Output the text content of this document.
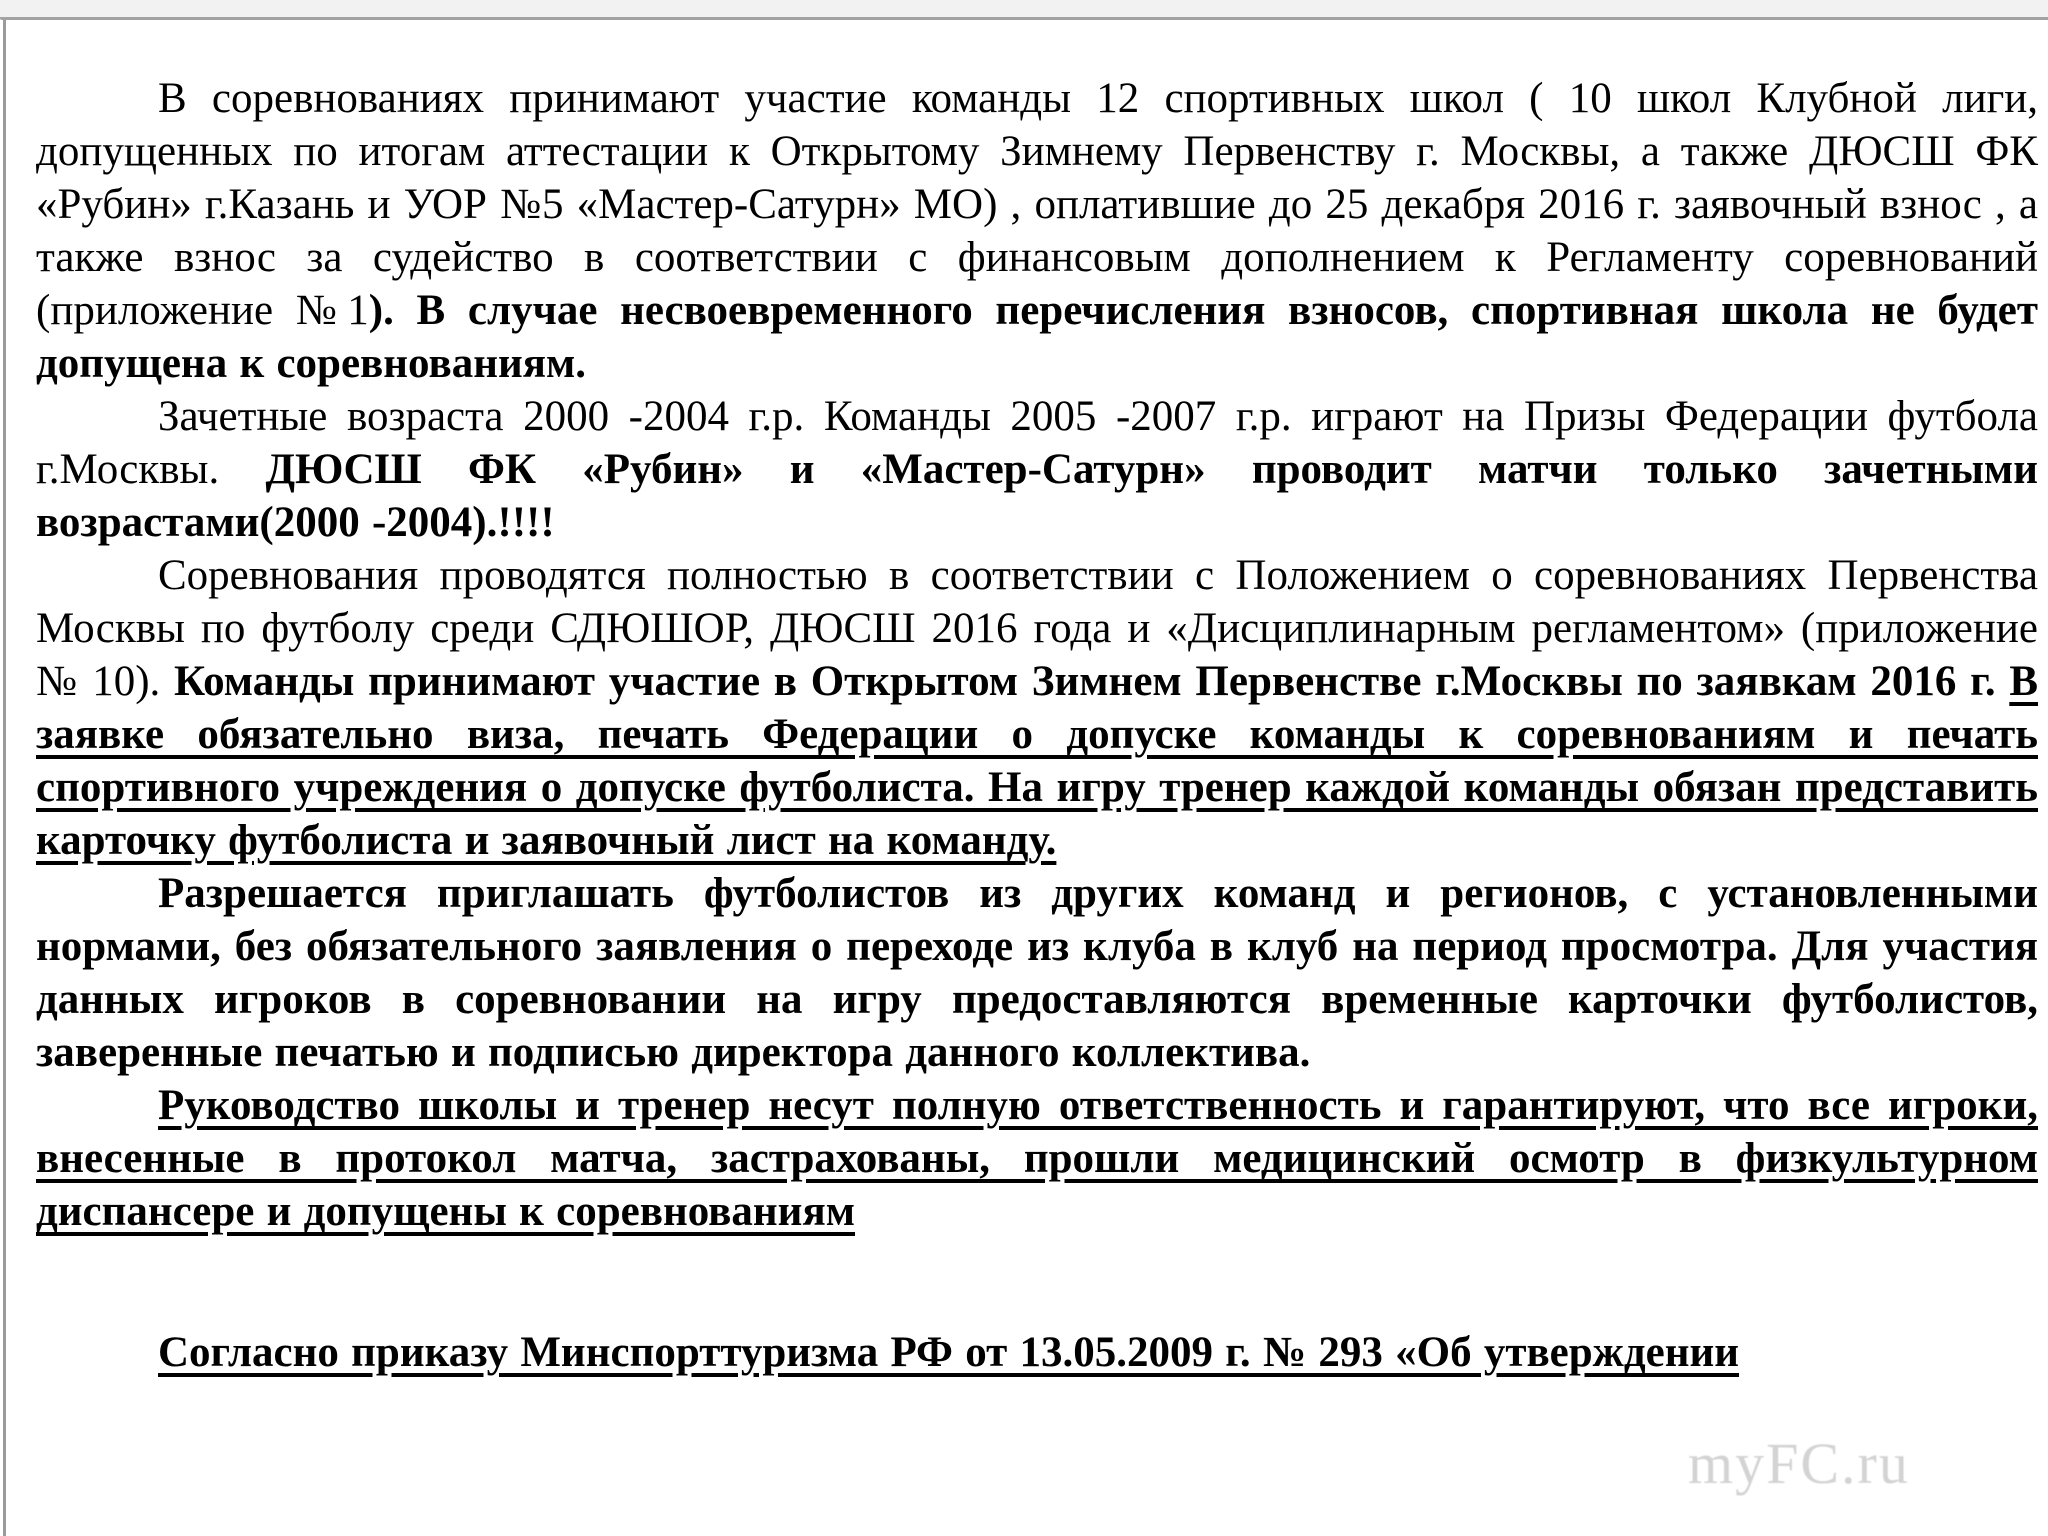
myFC.ru

В соревнованиях принимают участие команды 12 спортивных школ ( 10 школ Клубной лиги, допущенных по итогам аттестации к Открытому Зимнему Первенству г. Москвы, а также ДЮСШ ФК «Рубин» г.Казань и УОР №5 «Мастер-Сатурн» МО) , оплатившие до 25 декабря 2016 г. заявочный взнос , а также взнос за судейство в соответствии с финансовым дополнением к Регламенту соревнований (приложение №1). В случае несвоевременного перечисления взносов, спортивная школа не будет допущена к соревнованиям.

Зачетные возраста 2000 -2004 г.р. Команды 2005 -2007 г.р. играют на Призы Федерации футбола г.Москвы. ДЮСШ ФК «Рубин» и «Мастер-Сатурн» проводит матчи только зачетными возрастами(2000 -2004).!!!!

Соревнования проводятся полностью в соответствии с Положением о соревнованиях Первенства Москвы по футболу среди СДЮШОР, ДЮСШ 2016 года и «Дисциплинарным регламентом» (приложение № 10). Команды принимают участие в Открытом Зимнем Первенстве г.Москвы по заявкам 2016 г. В заявке обязательно виза, печать Федерации о допуске команды к соревнованиям и печать спортивного учреждения о допуске футболиста. На игру тренер каждой команды обязан представить карточку футболиста и заявочный лист на команду.

Разрешается приглашать футболистов из других команд и регионов, с установленными нормами, без обязательного заявления о переходе из клуба в клуб на период просмотра. Для участия данных игроков в соревновании на игру предоставляются временные карточки футболистов, заверенные печатью и подписью директора данного коллектива.

Руководство школы и тренер несут полную ответственность и гарантируют, что все игроки, внесенные в протокол матча, застрахованы, прошли медицинский осмотр в физкультурном диспансере и допущены к соревнованиям

Согласно приказу Минспорттуризма РФ от 13.05.2009 г. № 293 «Об утверждении
